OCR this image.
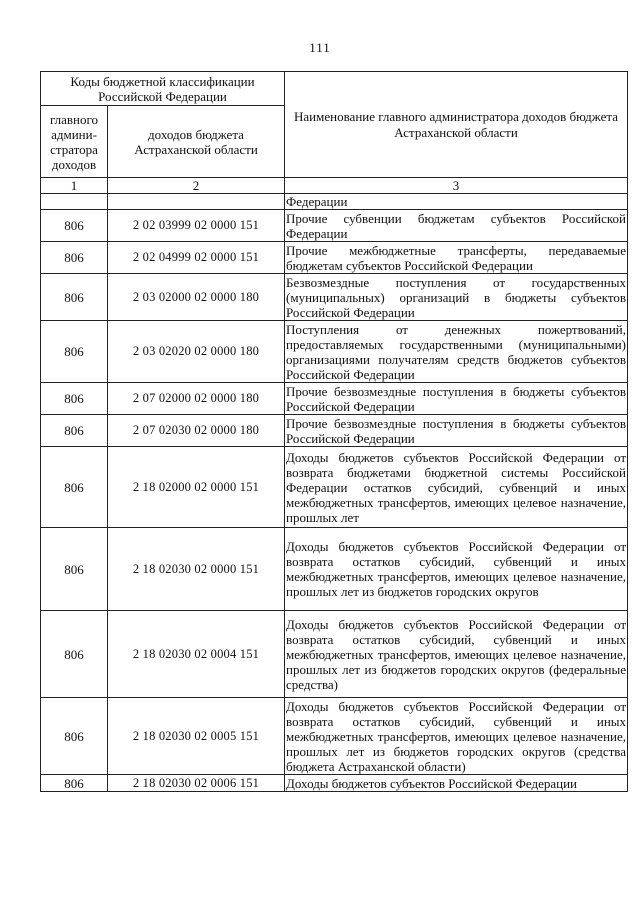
111
Коды бюджетной классификации Российской Федерации		Наименование главного администратора доходов бюджета Астраханской области
главного админи-стратора доходов	доходов бюджета Астраханской области	
1	2	3
		Федерации
806	2 02 03999 02 0000 151	Прочие субвенции бюджетам субъектов Российской Федерации
806	2 02 04999 02 0000 151	Прочие межбюджетные трансферты, передаваемые бюджетам субъектов Российской Федерации
806	2 03 02000 02 0000 180	Безвозмездные поступления от государственных (муниципальных) организаций в бюджеты субъектов Российской Федерации
806	2 03 02020 02 0000 180	Поступления от денежных пожертвований, предоставляемых государственными (муниципальными) организациями получателям средств бюджетов субъектов Российской Федерации
806	2 07 02000 02 0000 180	Прочие безвозмездные поступления в бюджеты субъектов Российской Федерации
806	2 07 02030 02 0000 180	Прочие безвозмездные поступления в бюджеты субъектов Российской Федерации
806	2 18 02000 02 0000 151	Доходы бюджетов субъектов Российской Федерации от возврата бюджетами бюджетной системы Российской Федерации остатков субсидий, субвенций и иных межбюджетных трансфертов, имеющих целевое назначение, прошлых лет
806	2 18 02030 02 0000 151	Доходы бюджетов субъектов Российской Федерации от возврата остатков субсидий, субвенций и иных межбюджетных трансфертов, имеющих целевое назначение, прошлых лет из бюджетов городских округов
806	2 18 02030 02 0004 151	Доходы бюджетов субъектов Российской Федерации от возврата остатков субсидий, субвенций и иных межбюджетных трансфертов, имеющих целевое назначение, прошлых лет из бюджетов городских округов (федеральные средства)
806	2 18 02030 02 0005 151	Доходы бюджетов субъектов Российской Федерации от возврата остатков субсидий, субвенций и иных межбюджетных трансфертов, имеющих целевое назначение, прошлых лет из бюджетов городских округов (средства бюджета Астраханской области)
806	2 18 02030 02 0006 151	Доходы бюджетов субъектов Российской Федерации
